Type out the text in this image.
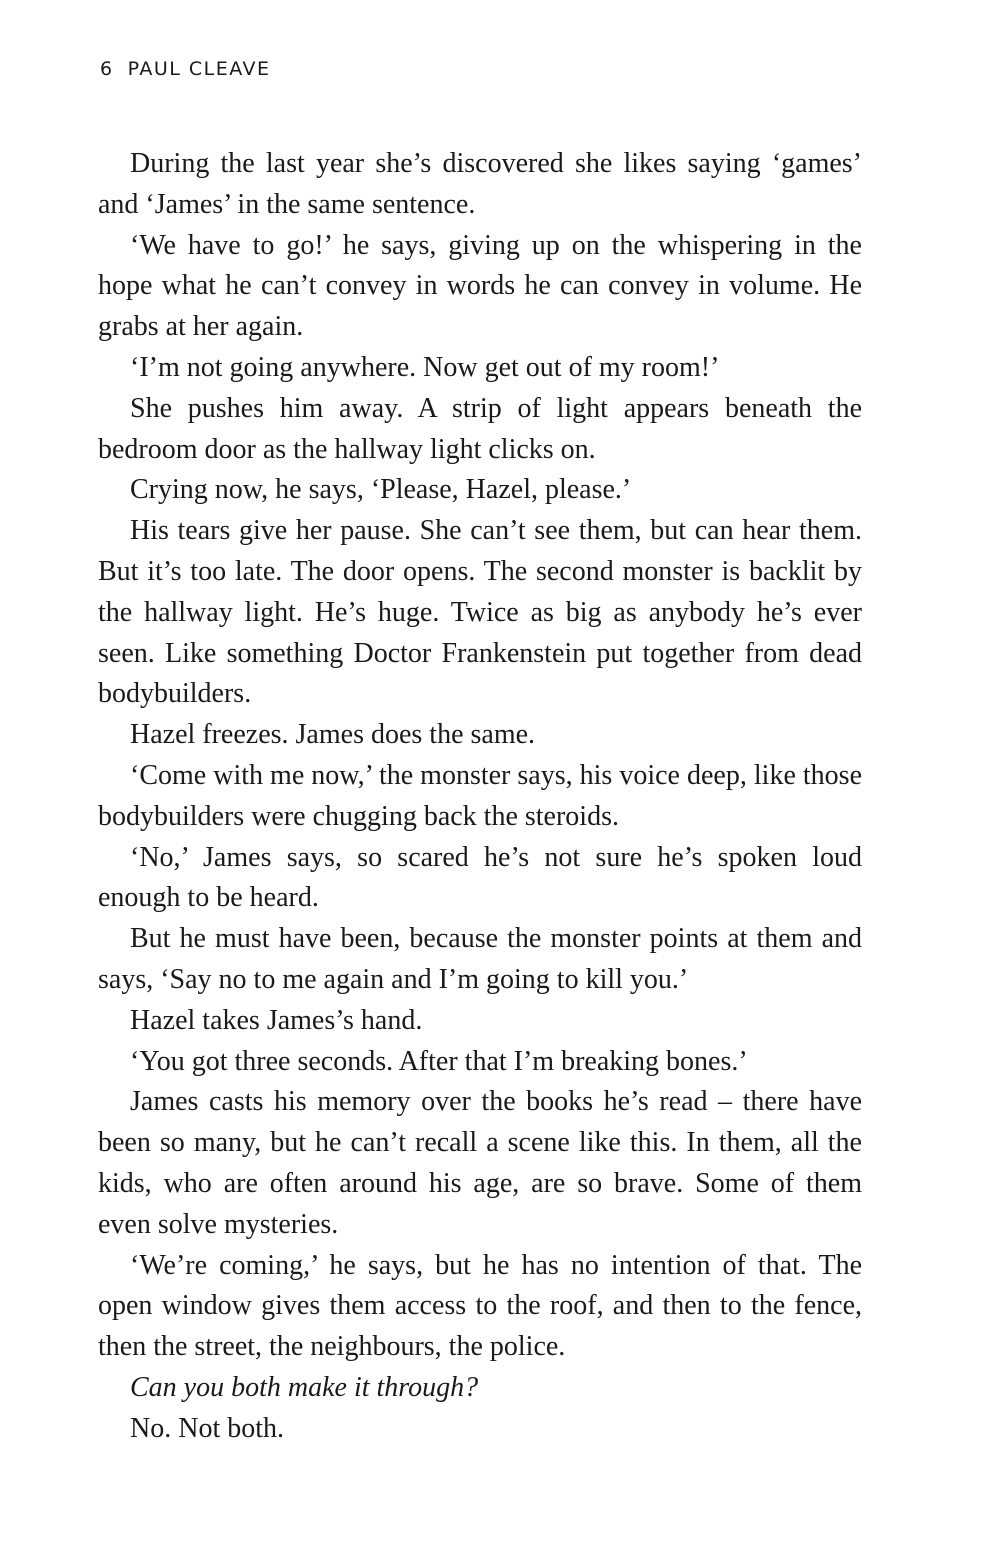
6 PAUL CLEAVE

During the last year she’s discovered she likes saying ‘games’ and ‘James’ in the same sentence.

‘We have to go!’ he says, giving up on the whispering in the hope what he can’t convey in words he can convey in volume. He grabs at her again.

‘I’m not going anywhere. Now get out of my room!’

She pushes him away. A strip of light appears beneath the bedroom door as the hallway light clicks on.

Crying now, he says, ‘Please, Hazel, please.’

His tears give her pause. She can’t see them, but can hear them. But it’s too late. The door opens. The second monster is backlit by the hallway light. He’s huge. Twice as big as anybody he’s ever seen. Like something Doctor Frankenstein put together from dead bodybuilders.

Hazel freezes. James does the same.

‘Come with me now,’ the monster says, his voice deep, like those bodybuilders were chugging back the steroids.

‘No,’ James says, so scared he’s not sure he’s spoken loud enough to be heard.

But he must have been, because the monster points at them and says, ‘Say no to me again and I’m going to kill you.’

Hazel takes James’s hand.

‘You got three seconds. After that I’m breaking bones.’

James casts his memory over the books he’s read – there have been so many, but he can’t recall a scene like this. In them, all the kids, who are often around his age, are so brave. Some of them even solve mysteries.

‘We’re coming,’ he says, but he has no intention of that. The open window gives them access to the roof, and then to the fence, then the street, the neighbours, the police.

Can you both make it through?

No. Not both.
